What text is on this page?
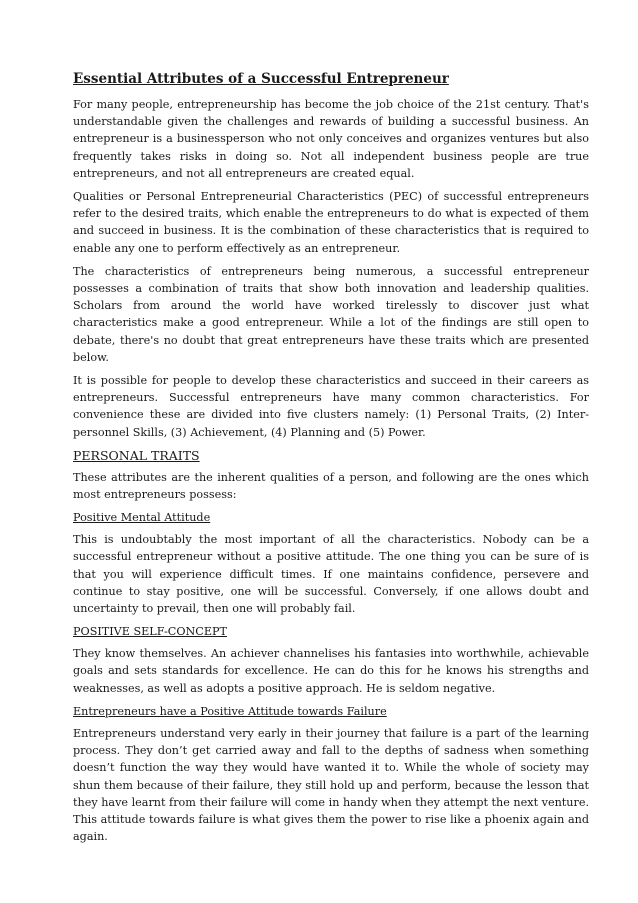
Essential Attributes of a Successful Entrepreneur

For many people, entrepreneurship has become the job choice of the 21st century. That's understandable given the challenges and rewards of building a successful business. An entrepreneur is a businessperson who not only conceives and organizes ventures but also frequently takes risks in doing so. Not all independent business people are true entrepreneurs, and not all entrepreneurs are created equal.

Qualities or Personal Entrepreneurial Characteristics (PEC) of successful entrepreneurs refer to the desired traits, which enable the entrepreneurs to do what is expected of them and succeed in business. It is the combination of these characteristics that is required to enable any one to perform effectively as an entrepreneur.

The characteristics of entrepreneurs being numerous, a successful entrepreneur possesses a combination of traits that show both innovation and leadership qualities. Scholars from around the world have worked tirelessly to discover just what characteristics make a good entrepreneur. While a lot of the findings are still open to debate, there's no doubt that great entrepreneurs have these traits which are presented below.

It is possible for people to develop these characteristics and succeed in their careers as entrepreneurs. Successful entrepreneurs have many common characteristics. For convenience these are divided into five clusters namely: (1) Personal Traits, (2) Inter-personnel Skills, (3) Achievement, (4) Planning and (5) Power.

PERSONAL TRAITS

These attributes are the inherent qualities of a person, and following are the ones which most entrepreneurs possess:

Positive Mental Attitude

This is undoubtably the most important of all the characteristics. Nobody can be a successful entrepreneur without a positive attitude. The one thing you can be sure of is that you will experience difficult times. If one maintains confidence, persevere and continue to stay positive, one will be successful. Conversely, if one allows doubt and uncertainty to prevail, then one will probably fail.

POSITIVE SELF-CONCEPT

They know themselves. An achiever channelises his fantasies into worthwhile, achievable goals and sets standards for excellence. He can do this for he knows his strengths and weaknesses, as well as adopts a positive approach. He is seldom negative.

Entrepreneurs have a Positive Attitude towards Failure

Entrepreneurs understand very early in their journey that failure is a part of the learning process. They don’t get carried away and fall to the depths of sadness when something doesn’t function the way they would have wanted it to. While the whole of society may shun them because of their failure, they still hold up and perform, because the lesson that they have learnt from their failure will come in handy when they attempt the next venture. This attitude towards failure is what gives them the power to rise like a phoenix again and again.
